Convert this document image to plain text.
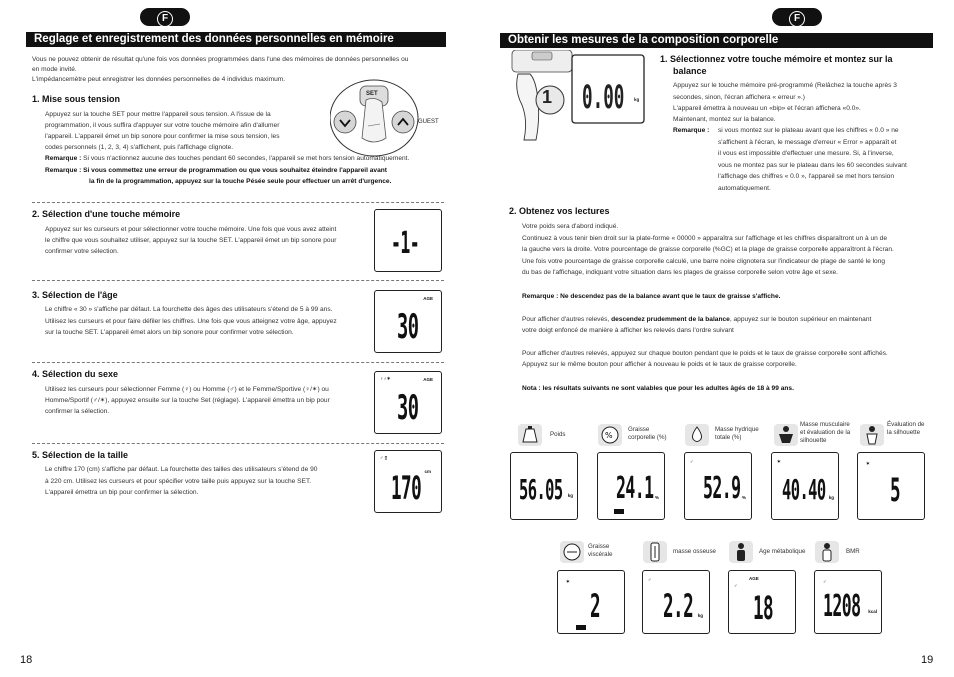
F
Reglage et enregistrement des données personnelles en mémoire
Vous ne pouvez obtenir de résultat qu'une fois vos données programmées dans l'une des mémoires de données personnelles ou
en mode invité.
L'impédancemètre peut enregistrer les données personnelles de 4 individus maximum.
1. Mise sous tension
Appuyez sur la touche SET pour mettre l'appareil sous tension. A l'issue de la
programmation, il vous suffira d'appuyer sur votre touche mémoire afin d'allumer
l'appareil. L'appareil émet un bip sonore pour confirmer la mise sous tension, les
codes personnels (1, 2, 3, 4) s'affichent, puis l'affichage clignote.
Remarque : Si vous n'actionnez aucune des touches pendant 60 secondes, l'appareil se met hors tension automatiquement.
Remarque : Si vous commettez une erreur de programmation ou que vous souhaitez éteindre l'appareil avant
la fin de la programmation, appuyez sur la touche Pésée seule pour effectuer un arrêt d'urgence.
SET
GUEST
2. Sélection d'une touche mémoire
Appuyez sur les curseurs et pour sélectionner votre touche mémoire. Une fois que vous avez atteint
le chiffre que vous souhaitez utiliser, appuyez sur la touche SET. L'appareil émet un bip sonore pour
confirmer votre sélection.	-1-
3. Sélection de l'âge
Le chiffre « 30 » s'affiche par défaut. La fourchette des âges des utilisateurs s'étend de 5 à 99 ans.
Utilisez les curseurs et pour faire défiler les chiffres. Une fois que vous atteignez votre âge, appuyez
sur la touche SET. L'appareil émet alors un bip sonore pour confirmer votre sélection.
AGE
30
4. Sélection du sexe
Utilisez les curseurs pour sélectionner Femme (♀) ou Homme (♂) et le Femme/Sportive (♀/✶) ou
Homme/Sportif (♂/✶), appuyez ensuite sur la touche Set (réglage). L'appareil émettra un bip pour
confirmer la sélection.
♀♂✶	AGE
30
5. Sélection de la taille
Le chiffre 170 (cm) s'affiche par défaut. La fourchette des tailles des utilisateurs s'étend de 90
à 220 cm. Utilisez les curseurs et pour spécifier votre taille puis appuyez sur la touche SET.
L'appareil émettra un bip pour confirmer la sélection.
♂ ▯
cm
170
18
F
Obtenir les mesures de la composition corporelle
1 0.00 kg
1. Sélectionnez votre touche mémoire et montez sur la
balance
Appuyez sur le touche mémoire pré-programmé (Relâchez la touche après 3
secondes, sinon, l'écran affichera « erreur ».)
L'appareil émettra à nouveau un «bip» et l'écran affichera «0.0».
Maintenant, montez sur la balance.
Remarque : si vous montez sur le plateau avant que les chiffres « 0.0 » ne
s'affichent à l'écran, le message d'erreur « Error » apparaît et
il vous est impossible d'effectuer une mesure. Si, à l'inverse,
vous ne montez pas sur le plateau dans les 60 secondes suivant
l'affichage des chiffres « 0.0 », l'appareil se met hors tension
automatiquement.
2. Obtenez vos lectures
Votre poids sera d'abord indiqué.
Continuez à vous tenir bien droit sur la plate-forme « 00000 » apparaîtra sur l'affichage et les chiffres disparaîtront un à un de
la gauche vers la droite. Votre pourcentage de graisse corporelle (%GC) et la plage de graisse corporelle apparaîtront à l'écran.
Une fois votre pourcentage de graisse corporelle calculé, une barre noire clignotera sur l'indicateur de plage de santé le long
du bas de l'affichage, indiquant votre situation dans les plages de graisse corporelle selon votre âge et sexe.
Remarque : Ne descendez pas de la balance avant que le taux de graisse s'affiche.
Pour afficher d'autres relevés, descendez prudemment de la balance, appuyez sur le bouton supérieur en maintenant
votre doigt enfoncé de manière à afficher les relevés dans l'ordre suivant
Pour afficher d'autres relevés, appuyez sur chaque bouton pendant que le poids et le taux de graisse corporelle sont affichés.
Appuyez sur le même bouton pour afficher à nouveau le poids et le taux de graisse corporelle.
Nota : les résultats suivants ne sont valables que pour les adultes âgés de 18 à 99 ans.
Poids	%
Graisse corporelle (%)
Masse hydrique totale (%)
Masse musculaire et évaluation de la silhouette
Évaluation de la silhouette
56.05 kg 24.1 %
♂
52.9 %
✶
40.40 kg
✶
5
Graisse viscérale	masse osseuse	Age métabolique	BMR
✶
2
♂
2.2 kg
AGE
♂
18
♂
1208 kcal
19
